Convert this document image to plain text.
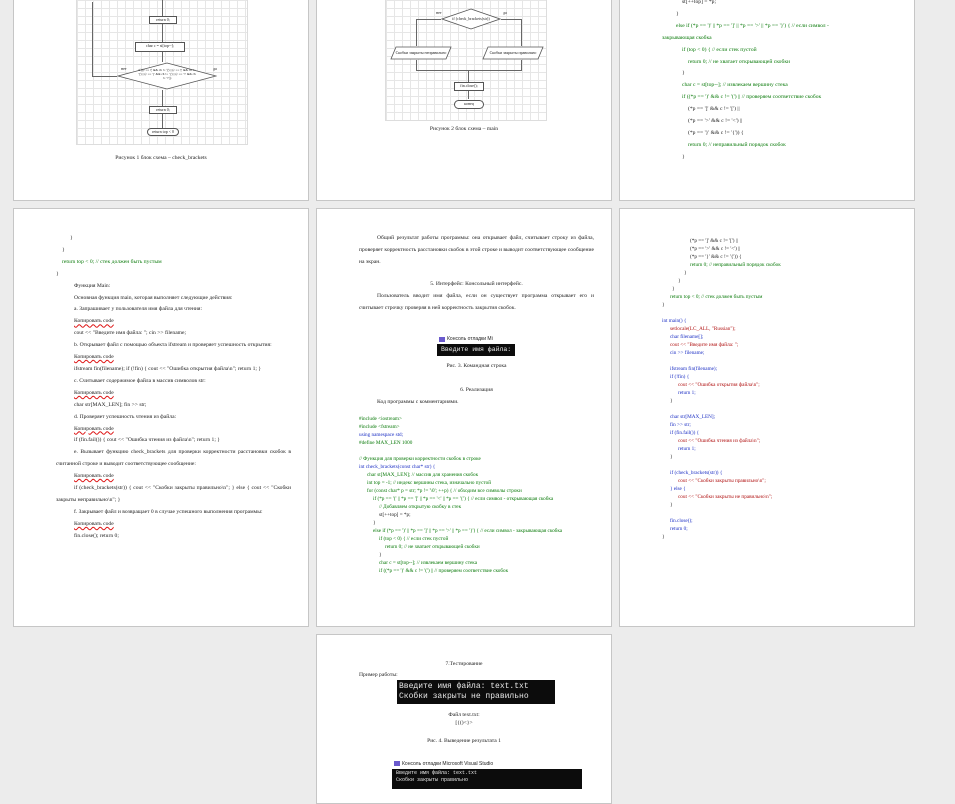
return 0;
char c = st[top--];
if ((c == '(' && ch != ')') || (c == '[' && ch != ']') || (c == '{' && ch != '}') || (c == '<' && ch != '>'))
нет	да
return 0;
return top < 0
Рисунок 1 блок схема – check_brackets
if (check_brackets(str))
нет	да
Скобки закрыты неправильно	Скобки закрыты правильно
fin.close();
конец
Рисунок 2 блок схема – main
st[++top] = *p;
}
else if (*p == ')' || *p == ']' || *p == '>' || *p == '}') { // если символ -
закрывающая скобка
if (top < 0) { // если стек пустой
return 0; // не хватает открывающей скобки
}
char c = st[top--]; // извлекаем вершину стека
if ((*p == ')' && c != '(') || // проверяем соответствие скобок
(*p == ']' && c != '[') ||
(*p == '>' && c != '<') ||
(*p == '}' && c != '{')) {
return 0; // неправильный порядок скобок
}
}
}
return top < 0; // стек должен быть пустым
}
Функция Main:
Основная функция main, которая выполняет следующие действия:
a. Запрашивает у пользователя имя файла для чтения:
Копировать code
cout << "Введите имя файла: "; cin >> filename;
b. Открывает файл с помощью объекта ifstream и проверяет успешность открытия:
Копировать code
ifstream fin(filename); if (!fin) { cout << "Ошибка открытия файла\n"; return 1; }
c. Считывает содержимое файла в массив символов str:
Копировать code
char str[MAX_LEN]; fin >> str;
d. Проверяет успешность чтения из файла:
Копировать code
if (fin.fail()) { cout << "Ошибка чтения из файла\n"; return 1; }
e. Вызывает функцию check_brackets для проверки корректности расстановки скобок в считанной строке и выводит соответствующее сообщение:
Копировать code
if (check_brackets(str)) { cout << "Скобки закрыты правильно\n"; } else { cout << "Скобки закрыты неправильно\n"; }
f. Закрывает файл и возвращает 0 в случае успешного выполнения программы:
Копировать code
fin.close(); return 0;
Общий результат работы программы: она открывает файл, считывает строку из файла, проверяет корректность расстановки скобок в этой строке и выводит соответствующее сообщение на экран.
5. Интерфейс: Консольный интерфейс.
Пользователь вводит имя файла, если он существует программа открывает его и считывает строчку проверяя в ней корректность закрытия скобок.
Консоль отладки Mi
Введите имя файла:
Рис. 3. Командная строка
6. Реализация
Код программы с комментариями.
#include <iostream>
#include <fstream>
using namespace std;
#define MAX_LEN 1000
// Функция для проверки корректности скобок в строке
int check_brackets(const char* str) {
char st[MAX_LEN]; // массив для хранения скобок
int top = -1; // индекс вершины стека, изначально пустой
for (const char* p = str; *p != '\0'; ++p) { // обходим все символы строки
if (*p == '(' || *p == '[' || *p == '<' || *p == '{') { // если символ - открывающая скобка
// Добавляем открытую скобку в стек
st[++top] = *p;
}
else if (*p == ')' || *p == ']' || *p == '>' || *p == '}') { // если символ - закрывающая скобка
if (top < 0) { // если стек пустой
return 0; // не хватает открывающей скобки
}
char c = st[top--]; // извлекаем вершину стека
if ((*p == ')' && c != '(') || // проверяем соответствие скобок
(*p == ']' && c != '[') ||
(*p == '>' && c != '<') ||
(*p == '}' && c != '{')) {
return 0; // неправильный порядок скобок
}
}
}
return top < 0; // стек должен быть пустым
}
int main() {
setlocale(LC_ALL, "Russian");
char filename[];
cout << "Введите имя файла: ";
cin >> filename;
ifstream fin(filename);
if (!fin) {
cout << "Ошибка открытия файла\n";
return 1;
}
char str[MAX_LEN];
fin >> str;
if (fin.fail()) {
cout << "Ошибка чтения из файла\n";
return 1;
}
if (check_brackets(str)) {
cout << "Скобки закрыты правильно\n";
} else {
cout << "Скобки закрыты не правильно\n";
}
fin.close();
return 0;
}
7.Тестирование
Пример работы:
Введите имя файла: text.txt
Скобки закрыты не правильно
Файл text.txt:
[{()<}>
Рис. 4. Выведение результата 1
Консоль отладки Microsoft Visual Studio
Введите имя файла: text.txt
Скобки закрыты правильно
